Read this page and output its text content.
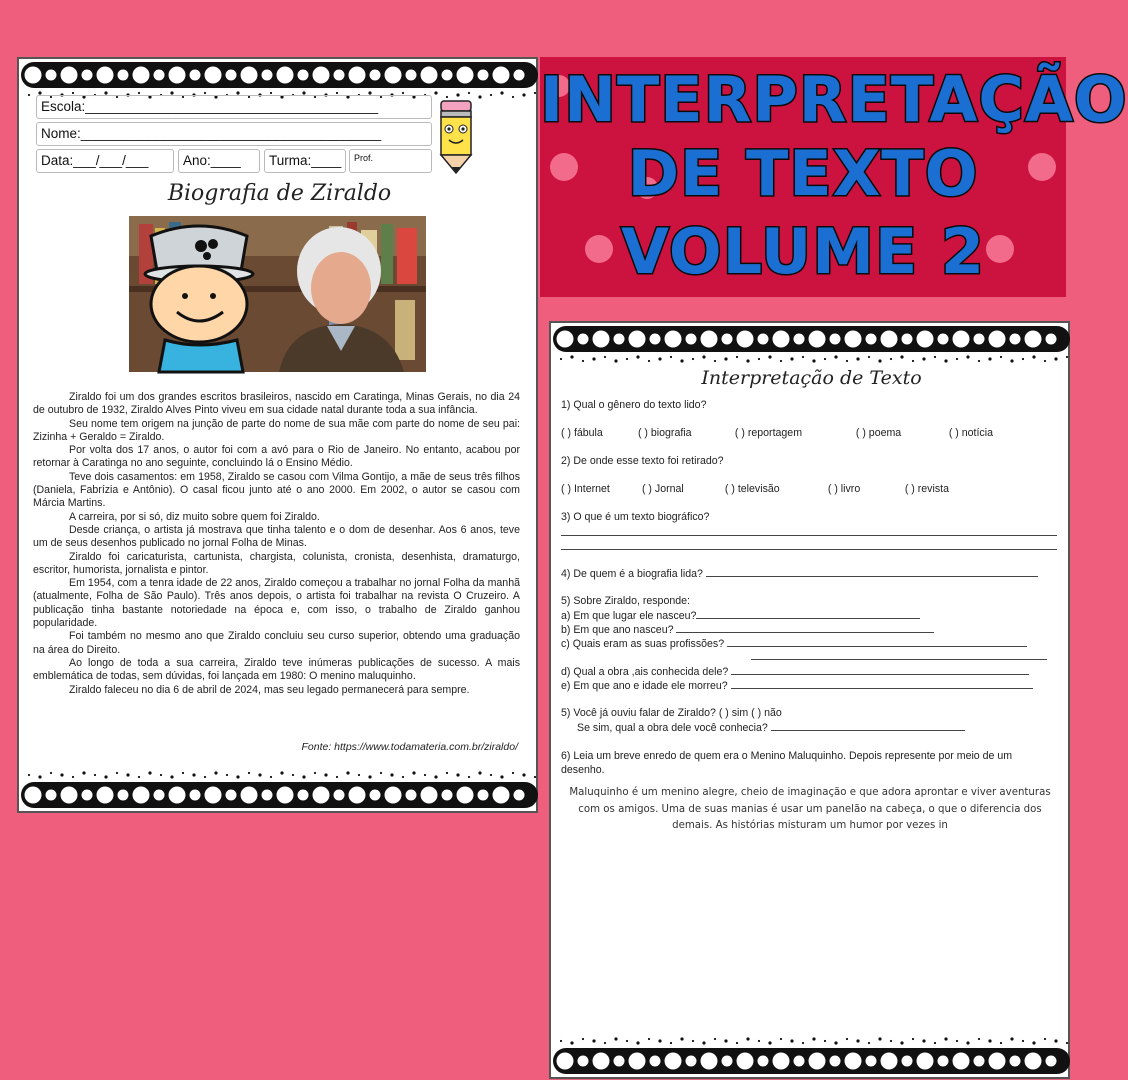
Escola:_______________________________________
Nome:________________________________________
Data:___/___/___	Ano:____	Turma:____	Prof.
Biografia de Ziraldo

Ziraldo foi um dos grandes escritos brasileiros, nascido em Caratinga, Minas Gerais, no dia 24 de outubro de 1932, Ziraldo Alves Pinto viveu em sua cidade natal durante toda a sua infância.

Seu nome tem origem na junção de parte do nome de sua mãe com parte do nome de seu pai: Zizinha + Geraldo = Ziraldo.

Por volta dos 17 anos, o autor foi com a avó para o Rio de Janeiro. No entanto, acabou por retornar à Caratinga no ano seguinte, concluindo lá o Ensino Médio.

Teve dois casamentos: em 1958, Ziraldo se casou com Vilma Gontijo, a mãe de seus três filhos (Daniela, Fabrízia e Antônio). O casal ficou junto até o ano 2000. Em 2002, o autor se casou com Márcia Martins.

A carreira, por si só, diz muito sobre quem foi Ziraldo.

Desde criança, o artista já mostrava que tinha talento e o dom de desenhar. Aos 6 anos, teve um de seus desenhos publicado no jornal Folha de Minas.

Ziraldo foi caricaturista, cartunista, chargista, colunista, cronista, desenhista, dramaturgo, escritor, humorista, jornalista e pintor.

Em 1954, com a tenra idade de 22 anos, Ziraldo começou a trabalhar no jornal Folha da manhã (atualmente, Folha de São Paulo). Três anos depois, o artista foi trabalhar na revista O Cruzeiro. A publicação tinha bastante notoriedade na época e, com isso, o trabalho de Ziraldo ganhou popularidade.

Foi também no mesmo ano que Ziraldo concluiu seu curso superior, obtendo uma graduação na área do Direito.

Ao longo de toda a sua carreira, Ziraldo teve inúmeras publicações de sucesso. A mais emblemática de todas, sem dúvidas, foi lançada em 1980: O menino maluquinho.

Ziraldo faleceu no dia 6 de abril de 2024, mas seu legado permanecerá para sempre.

Fonte: https://www.todamateria.com.br/ziraldo/
INTERPRETAÇÃO
DE TEXTO
VOLUME 2
Interpretação de Texto
1) Qual o gênero do texto lido?
( ) fábula	( ) biografia	( ) reportagem	( ) poema	( ) notícia
2) De onde esse texto foi retirado?
( ) Internet	( ) Jornal	( ) televisão	( ) livro	( ) revista
3) O que é um texto biográfico?
4) De quem é a biografia lida?
5) Sobre Ziraldo, responde:
a) Em que lugar ele nasceu?
b) Em que ano nasceu?
c) Quais eram as suas profissões?
d) Qual a obra ,ais conhecida dele?
e) Em que ano e idade ele morreu?
5) Você já ouviu falar de Ziraldo? ( ) sim ( ) não
Se sim, qual a obra dele você conhecia?
6) Leia um breve enredo de quem era o Menino Maluquinho. Depois represente por meio de um desenho.
Maluquinho é um menino alegre, cheio de imaginação e que adora aprontar e viver aventuras com os amigos. Uma de suas manias é usar um panelão na cabeça, o que o diferencia dos demais. As histórias misturam um humor por vezes in
